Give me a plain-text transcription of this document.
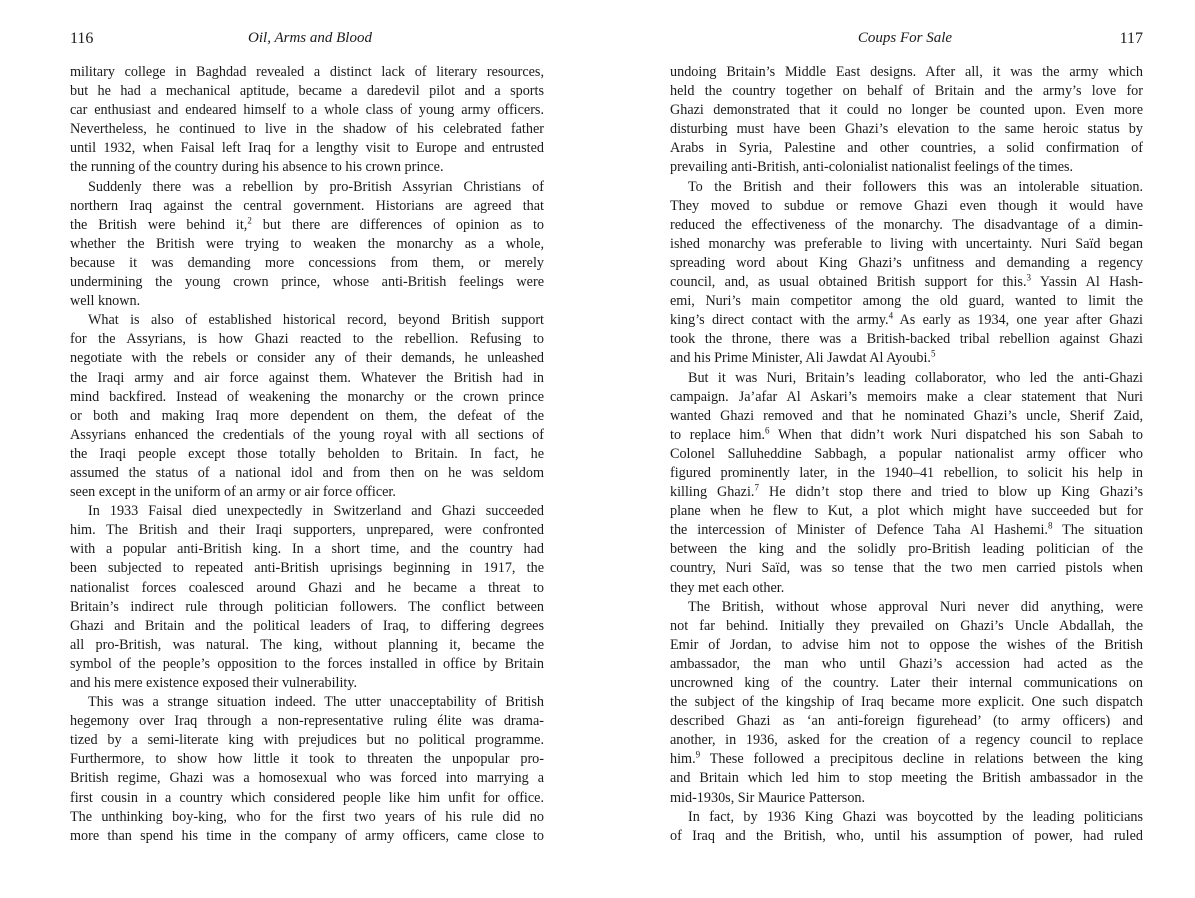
116	Oil, Arms and Blood
military college in Baghdad revealed a distinct lack of literary resources,
but he had a mechanical aptitude, became a daredevil pilot and a sports
car enthusiast and endeared himself to a whole class of young army officers.
Nevertheless, he continued to live in the shadow of his celebrated father
until 1932, when Faisal left Iraq for a lengthy visit to Europe and entrusted
the running of the country during his absence to his crown prince.
Suddenly there was a rebellion by pro-British Assyrian Christians of
northern Iraq against the central government. Historians are agreed that
the British were behind it,$^2$ but there are differences of opinion as to
whether the British were trying to weaken the monarchy as a whole,
because it was demanding more concessions from them, or merely
undermining the young crown prince, whose anti-British feelings were
well known.
What is also of established historical record, beyond British support
for the Assyrians, is how Ghazi reacted to the rebellion. Refusing to
negotiate with the rebels or consider any of their demands, he unleashed
the Iraqi army and air force against them. Whatever the British had in
mind backfired. Instead of weakening the monarchy or the crown prince
or both and making Iraq more dependent on them, the defeat of the
Assyrians enhanced the credentials of the young royal with all sections of
the Iraqi people except those totally beholden to Britain. In fact, he
assumed the status of a national idol and from then on he was seldom
seen except in the uniform of an army or air force officer.
In 1933 Faisal died unexpectedly in Switzerland and Ghazi succeeded
him. The British and their Iraqi supporters, unprepared, were confronted
with a popular anti-British king. In a short time, and the country had
been subjected to repeated anti-British uprisings beginning in 1917, the
nationalist forces coalesced around Ghazi and he became a threat to
Britain’s indirect rule through politician followers. The conflict between
Ghazi and Britain and the political leaders of Iraq, to differing degrees
all pro-British, was natural. The king, without planning it, became the
symbol of the people’s opposition to the forces installed in office by Britain
and his mere existence exposed their vulnerability.
This was a strange situation indeed. The utter unacceptability of British
hegemony over Iraq through a non-representative ruling élite was drama-
tized by a semi-literate king with prejudices but no political programme.
Furthermore, to show how little it took to threaten the unpopular pro-
British regime, Ghazi was a homosexual who was forced into marrying a
first cousin in a country which considered people like him unfit for office.
The unthinking boy-king, who for the first two years of his rule did no
more than spend his time in the company of army officers, came close to
Coups For Sale	117
undoing Britain’s Middle East designs. After all, it was the army which
held the country together on behalf of Britain and the army’s love for
Ghazi demonstrated that it could no longer be counted upon. Even more
disturbing must have been Ghazi’s elevation to the same heroic status by
Arabs in Syria, Palestine and other countries, a solid confirmation of
prevailing anti-British, anti-colonialist nationalist feelings of the times.
To the British and their followers this was an intolerable situation.
They moved to subdue or remove Ghazi even though it would have
reduced the effectiveness of the monarchy. The disadvantage of a dimin-
ished monarchy was preferable to living with uncertainty. Nuri Saïd began
spreading word about King Ghazi’s unfitness and demanding a regency
council, and, as usual obtained British support for this.$^3$ Yassin Al Hash-
emi, Nuri’s main competitor among the old guard, wanted to limit the
king’s direct contact with the army.$^4$ As early as 1934, one year after Ghazi
took the throne, there was a British-backed tribal rebellion against Ghazi
and his Prime Minister, Ali Jawdat Al Ayoubi.$^5$
But it was Nuri, Britain’s leading collaborator, who led the anti-Ghazi
campaign. Ja’afar Al Askari’s memoirs make a clear statement that Nuri
wanted Ghazi removed and that he nominated Ghazi’s uncle, Sherif Zaid,
to replace him.$^6$ When that didn’t work Nuri dispatched his son Sabah to
Colonel Salluheddine Sabbagh, a popular nationalist army officer who
figured prominently later, in the 1940–41 rebellion, to solicit his help in
killing Ghazi.$^7$ He didn’t stop there and tried to blow up King Ghazi’s
plane when he flew to Kut, a plot which might have succeeded but for
the intercession of Minister of Defence Taha Al Hashemi.$^8$ The situation
between the king and the solidly pro-British leading politician of the
country, Nuri Saïd, was so tense that the two men carried pistols when
they met each other.
The British, without whose approval Nuri never did anything, were
not far behind. Initially they prevailed on Ghazi’s Uncle Abdallah, the
Emir of Jordan, to advise him not to oppose the wishes of the British
ambassador, the man who until Ghazi’s accession had acted as the
uncrowned king of the country. Later their internal communications on
the subject of the kingship of Iraq became more explicit. One such dispatch
described Ghazi as ‘an anti-foreign figurehead’ (to army officers) and
another, in 1936, asked for the creation of a regency council to replace
him.$^9$ These followed a precipitous decline in relations between the king
and Britain which led him to stop meeting the British ambassador in the
mid-1930s, Sir Maurice Patterson.
In fact, by 1936 King Ghazi was boycotted by the leading politicians
of Iraq and the British, who, until his assumption of power, had ruled
